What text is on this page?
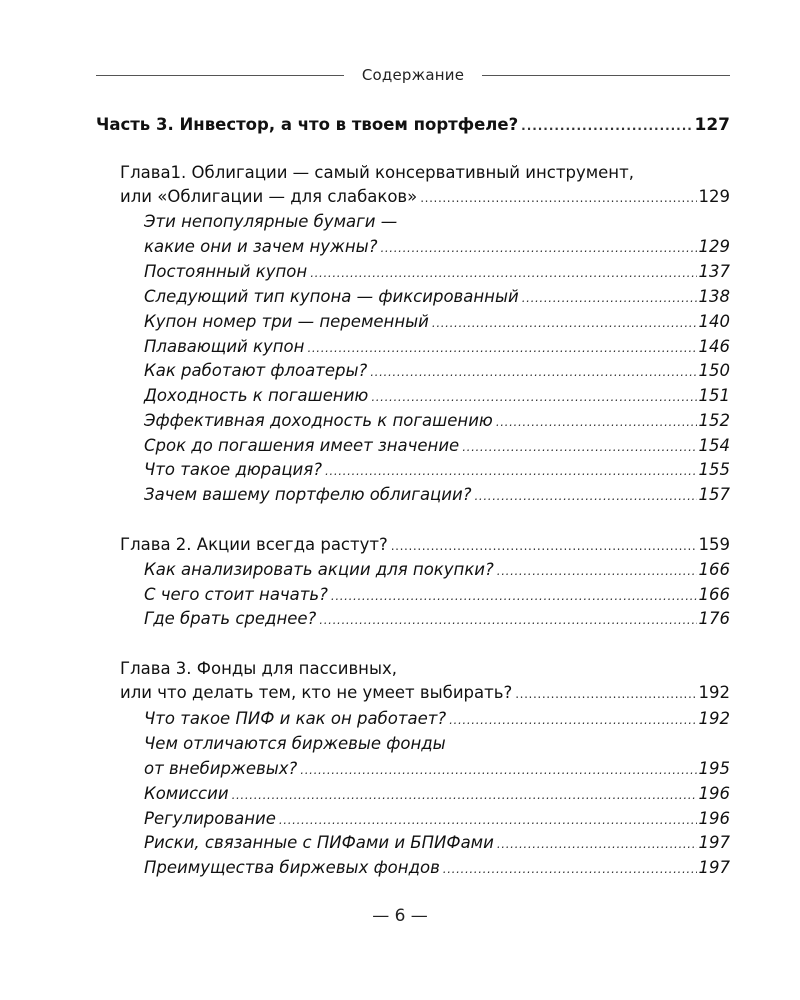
Содержание
Часть 3. Инвестор, а что в твоем портфеле? . . .	127
Глава1. Облигации — самый консервативный инструмент,
или «Облигации — для слабаков» . . .	129
Эти непопулярные бумаги —
какие они и зачем нужны? . . .	129
Постоянный купон . . .	137
Следующий тип купона — фиксированный . . .	138
Купон номер три — переменный . . .	140
Плавающий купон . . .	146
Как работают флоатеры? . . .	150
Доходность к погашению . . .	151
Эффективная доходность к погашению . . .	152
Срок до погашения имеет значение . . .	154
Что такое дюрация? . . .	155
Зачем вашему портфелю облигации? . . .	157
Глава 2. Акции всегда растут? . . .	159
Как анализировать акции для покупки? . . .	166
С чего стоит начать? . . .	166
Где брать среднее? . . .	176
Глава 3. Фонды для пассивных,
или что делать тем, кто не умеет выбирать? . . .	192
Что такое ПИФ и как он работает? . . .	192
Чем отличаются биржевые фонды
от внебиржевых? . . .	195
Комиссии . . .	196
Регулирование . . .	196
Риски, связанные с ПИФами и БПИФами . . .	197
Преимущества биржевых фондов . . .	197
— 6 —
